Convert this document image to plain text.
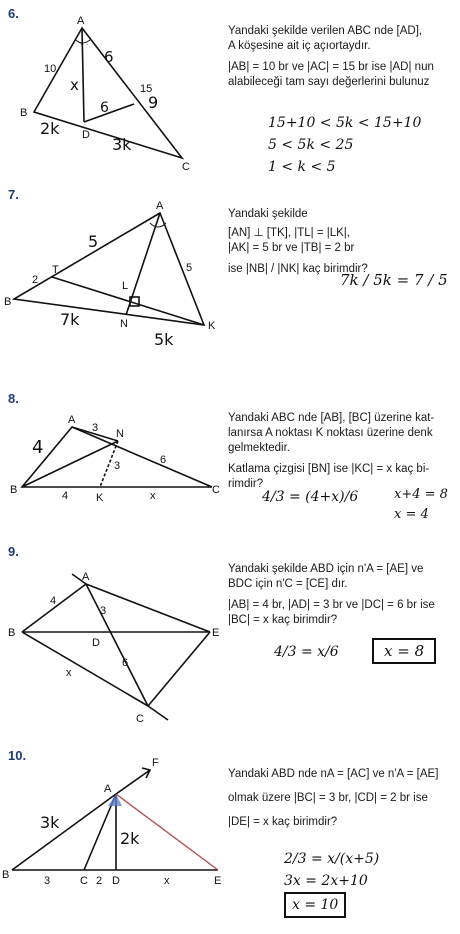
6.
· ·
A
B
C
D
10
15
x
6
9
6
2k
3k

Yandaki şekilde verilen ABC nde [AD],

A köşesine ait iç açıortaydır.

|AB| = 10 br ve |AC| = 15 br ise |AD| nun

alabileceği tam sayı değerlerini bulunuz

15+10 < 5k < 15+10
5 < 5k < 25
1 < k < 5
7.
A
B
K
N
T
L
2
5
5
7k
5k

Yandaki şekilde

[AN] ⊥ [TK], |TL| = |LK|,

|AK| = 5 br ve |TB| = 2 br

ise |NB| / |NK| kaç birimdir?

7k / 5k = 7 / 5
8.
A
B	C
N
K
3
3	6
4	x
4

Yandaki ABC nde [AB], [BC] üzerine kat-

lanırsa A noktası K noktası üzerine denk

gelmektedir.

Katlama çizgisi [BN] ise |KC| = x kaç bi-

rimdir?

4/3 = (4+x)/6	x+4 = 8
x = 4
9.
A
B
C
D
E
4
3
6
x

Yandaki şekilde ABD için n'A = [AE] ve

BDC için n'C = [CE] dır.

|AB| = 4 br, |AD| = 3 br ve |DC| = 6 br ise

|BC| = x kaç birimdir?

4/3 = x/6	x = 8
10.
A
B	C D	E
F
3	2	x
3k
2k

Yandaki ABD nde nA = [AC] ve n'A = [AE]

olmak üzere |BC| = 3 br, |CD| = 2 br ise

|DE| = x kaç birimdir?

2/3 = x/(x+5)
3x = 2x+10
x = 10
